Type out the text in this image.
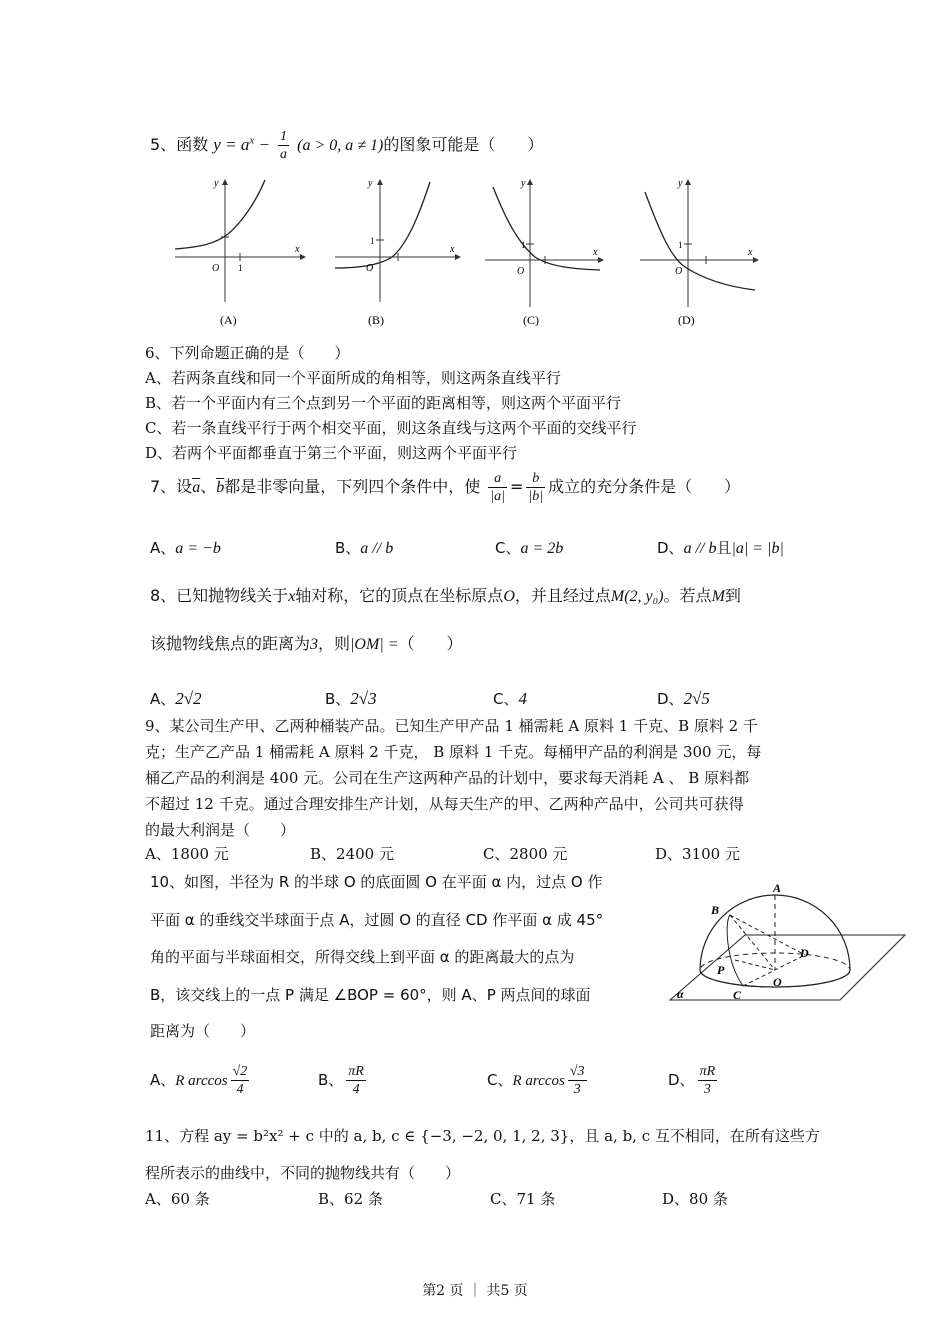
5、函数 $y = a^x - \frac{1}{a} (a > 0$, a ≠ 1)的图象可能是（　　）
x
y
O 1
(A)
x
y
O
1
(B)
x
y
O
1
(C)
x
y
O
1
(D)
6、下列命题正确的是（　　）
A、若两条直线和同一个平面所成的角相等，则这两条直线平行
B、若一个平面内有三个点到另一个平面的距离相等，则这两个平面平行
C、若一条直线平行于两个相交平面，则这条直线与这两个平面的交线平行
D、若两个平面都垂直于第三个平面，则这两个平面平行
7、设$\overline{a}$、$\overline{b}$都是非零向量，下列四个条件中，使 $\frac{a}{|a|} = \frac{b}{|b|}$ 成立的充分条件是（　　）
A、a = −b	B、a // b	C、a = 2b	D、a // b且|a| = |b|
8、已知抛物线关于x轴对称，它的顶点在坐标原点O，并且经过点M(2, y₀)。若点M到
该抛物线焦点的距离为3，则|OM| =（　　）
A、2√2	B、2√3	C、4	D、2√5
9、某公司生产甲、乙两种桶装产品。已知生产甲产品 1 桶需耗 A 原料 1 千克、B 原料 2 千
克；生产乙产品 1 桶需耗 A 原料 2 千克， B 原料 1 千克。每桶甲产品的利润是 300 元，每
桶乙产品的利润是 400 元。公司在生产这两种产品的计划中，要求每天消耗 A 、 B 原料都
不超过 12 千克。通过合理安排生产计划，从每天生产的甲、乙两种产品中，公司共可获得
的最大利润是（　　）
A、1800 元	B、2400 元	C、2800 元	D、3100 元
10、如图，半径为 R 的半球 O 的底面圆 O 在平面 α 内，过点 O 作
平面 α 的垂线交半球面于点 A，过圆 O 的直径 CD 作平面 α 成 45°
角的平面与半球面相交，所得交线上到平面 α 的距离最大的点为
B，该交线上的一点 P 满足 ∠BOP = 60°，则 A、P 两点间的球面
距离为（　　）
A
B
D
P
O
C
α
A、R $\arccos \frac{√2}{4}$	B、 $\frac{\pi R}{4}$	C、R $\arccos \frac{√3}{3}$	D、 $\frac{\pi R}{3}$
11、方程 ay = b²x² + c 中的 a, b, c ∈ {−3, −2, 0, 1, 2, 3}，且 a, b, c 互不相同，在所有这些方
程所表示的曲线中，不同的抛物线共有（　　）
A、60 条	B、62 条	C、71 条	D、80 条
第2 页 ｜ 共5 页
